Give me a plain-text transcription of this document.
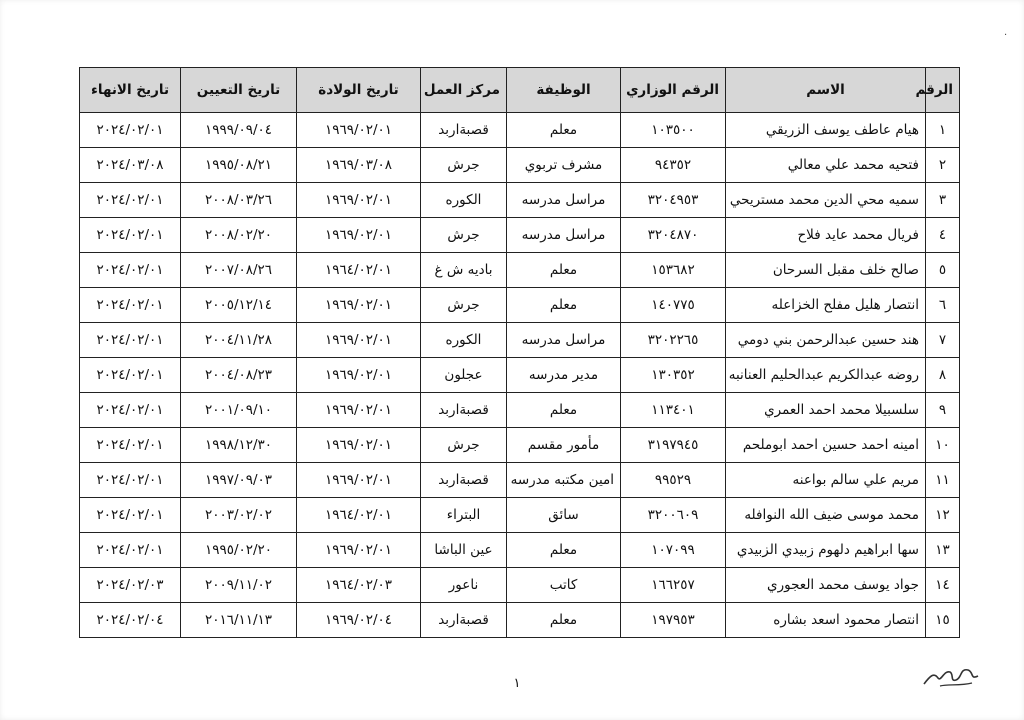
·
الرقم	الاسم	الرقم الوزاري	الوظيفة	مركز العمل	تاريخ الولادة	تاريخ التعيين	تاريخ الانهاء
١	هيام عاطف يوسف الزريقي	١٠٣٥٠٠	معلم	قصبةاربد	١٩٦٩/٠٢/٠١	١٩٩٩/٠٩/٠٤	٢٠٢٤/٠٢/٠١
٢	فتحيه محمد علي معالي	٩٤٣٥٢	مشرف تربوي	جرش	١٩٦٩/٠٣/٠٨	١٩٩٥/٠٨/٢١	٢٠٢٤/٠٣/٠٨
٣	سميه محي الدين محمد مستريحي	٣٢٠٤٩٥٣	مراسل مدرسه	الكوره	١٩٦٩/٠٢/٠١	٢٠٠٨/٠٣/٢٦	٢٠٢٤/٠٢/٠١
٤	فريال محمد عايد فلاح	٣٢٠٤٨٧٠	مراسل مدرسه	جرش	١٩٦٩/٠٢/٠١	٢٠٠٨/٠٢/٢٠	٢٠٢٤/٠٢/٠١
٥	صالح خلف مقبل السرحان	١٥٣٦٨٢	معلم	باديه ش غ	١٩٦٤/٠٢/٠١	٢٠٠٧/٠٨/٢٦	٢٠٢٤/٠٢/٠١
٦	انتصار هليل مفلح الخزاعله	١٤٠٧٧٥	معلم	جرش	١٩٦٩/٠٢/٠١	٢٠٠٥/١٢/١٤	٢٠٢٤/٠٢/٠١
٧	هند حسين عبدالرحمن بني دومي	٣٢٠٢٢٦٥	مراسل مدرسه	الكوره	١٩٦٩/٠٢/٠١	٢٠٠٤/١١/٢٨	٢٠٢٤/٠٢/٠١
٨	روضه عبدالكريم عبدالحليم العنانبه	١٣٠٣٥٢	مدير مدرسه	عجلون	١٩٦٩/٠٢/٠١	٢٠٠٤/٠٨/٢٣	٢٠٢٤/٠٢/٠١
٩	سلسبيلا محمد احمد العمري	١١٣٤٠١	معلم	قصبةاربد	١٩٦٩/٠٢/٠١	٢٠٠١/٠٩/١٠	٢٠٢٤/٠٢/٠١
١٠	امينه احمد حسين احمد ابوملحم	٣١٩٧٩٤٥	مأمور مقسم	جرش	١٩٦٩/٠٢/٠١	١٩٩٨/١٢/٣٠	٢٠٢٤/٠٢/٠١
١١	مريم علي سالم بواعنه	٩٩٥٢٩	امين مكتبه مدرسه	قصبةاربد	١٩٦٩/٠٢/٠١	١٩٩٧/٠٩/٠٣	٢٠٢٤/٠٢/٠١
١٢	محمد موسى ضيف الله النوافله	٣٢٠٠٦٠٩	سائق	البتراء	١٩٦٤/٠٢/٠١	٢٠٠٣/٠٢/٠٢	٢٠٢٤/٠٢/٠١
١٣	سها ابراهيم دلهوم زبيدي الزبيدي	١٠٧٠٩٩	معلم	عين الباشا	١٩٦٩/٠٢/٠١	١٩٩٥/٠٢/٢٠	٢٠٢٤/٠٢/٠١
١٤	جواد يوسف محمد العجوري	١٦٦٢٥٧	كاتب	ناعور	١٩٦٤/٠٢/٠٣	٢٠٠٩/١١/٠٢	٢٠٢٤/٠٢/٠٣
١٥	انتصار محمود اسعد بشاره	١٩٧٩٥٣	معلم	قصبةاربد	١٩٦٩/٠٢/٠٤	٢٠١٦/١١/١٣	٢٠٢٤/٠٢/٠٤
١
